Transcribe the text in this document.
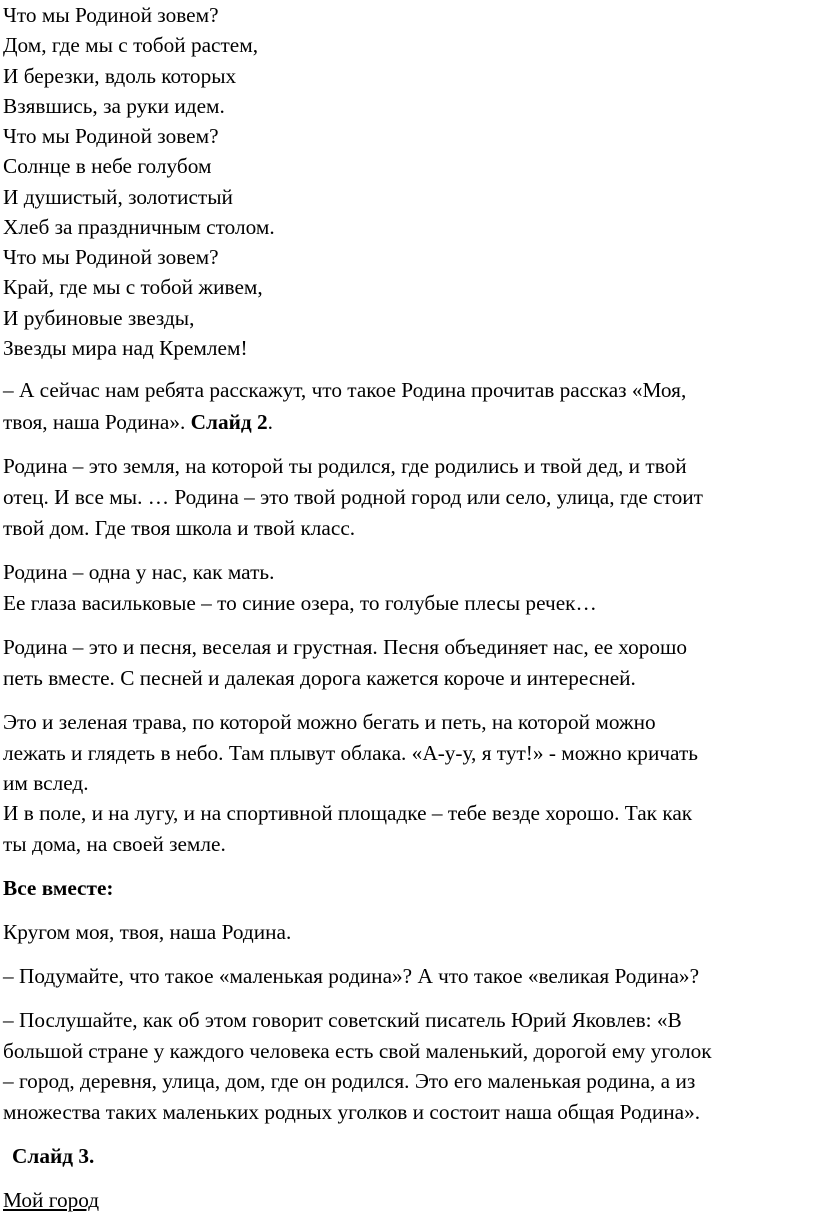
Что мы Родиной зовем?
Дом, где мы с тобой растем,
И березки, вдоль которых
Взявшись, за руки идем.
Что мы Родиной зовем?
Солнце в небе голубом
И душистый, золотистый
Хлеб за праздничным столом.
Что мы Родиной зовем?
Край, где мы с тобой живем,
И рубиновые звезды,
Звезды мира над Кремлем!
– А сейчас нам ребята расскажут, что такое Родина прочитав рассказ «Моя,
твоя, наша Родина». Слайд 2.
Родина – это земля, на которой ты родился, где родились и твой дед, и твой
отец. И все мы. … Родина – это твой родной город или село, улица, где стоит
твой дом. Где твоя школа и твой класс.
Родина – одна у нас, как мать.
Ее глаза васильковые – то синие озера, то голубые плесы речек…
Родина – это и песня, веселая и грустная. Песня объединяет нас, ее хорошо
петь вместе. С песней и далекая дорога кажется короче и интересней.
Это и зеленая трава, по которой можно бегать и петь, на которой можно
лежать и глядеть в небо. Там плывут облака. «А-у-у, я тут!» - можно кричать
им вслед.
И в поле, и на лугу, и на спортивной площадке – тебе везде хорошо. Так как
ты дома, на своей земле.
Все вместе:
Кругом моя, твоя, наша Родина.
– Подумайте, что такое «маленькая родина»? А что такое «великая Родина»?
– Послушайте, как об этом говорит советский писатель Юрий Яковлев: «В
большой стране у каждого человека есть свой маленький, дорогой ему уголок
– город, деревня, улица, дом, где он родился. Это его маленькая родина, а из
множества таких маленьких родных уголков и состоит наша общая Родина».
Слайд 3.
Мой город
